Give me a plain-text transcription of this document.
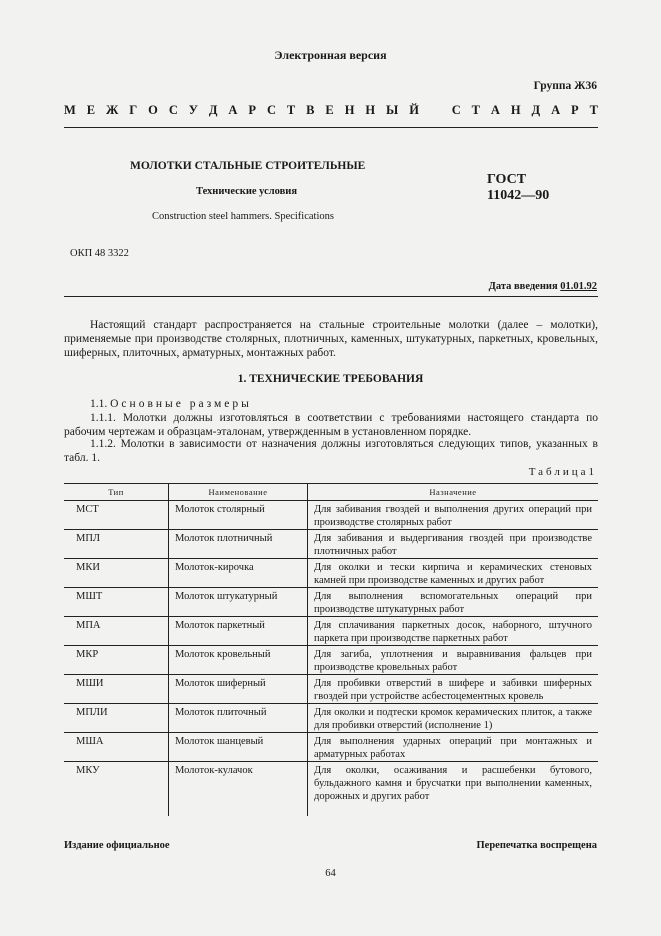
Электронная версия
Группа Ж36
М Е Ж Г О С У Д А Р С Т В Е Н Н Ы Й	С Т А Н Д А Р Т
МОЛОТКИ СТАЛЬНЫЕ СТРОИТЕЛЬНЫЕ
Технические условия
Construction steel hammers. Specifications
ГОСТ
11042—90
ОКП 48 3322
Дата введения 01.01.92
Настоящий стандарт распространяется на стальные строительные молотки (далее – молотки), применяемые при производстве столярных, плотничных, каменных, штукатурных, паркетных, кровельных, шиферных, плиточных, арматурных, монтажных работ.
1. ТЕХНИЧЕСКИЕ ТРЕБОВАНИЯ
1.1. Основные размеры
1.1.1. Молотки должны изготовляться в соответствии с требованиями настоящего стандарта по рабочим чертежам и образцам-эталонам, утвержденным в установленном порядке.
1.1.2. Молотки в зависимости от назначения должны изготовляться следующих типов, указанных в табл. 1.
Таблица1
Тип	Наименование	Назначение
МСТ	Молоток столярный	Для забивания гвоздей и выполнения других операций при производстве столярных работ
МПЛ	Молоток плотничный	Для забивания и выдергивания гвоздей при производстве плотничных работ
МКИ	Молоток-кирочка	Для околки и тески кирпича и керамических стеновых камней при производстве каменных и других работ
МШТ	Молоток штукатурный	Для выполнения вспомогательных операций при производстве штукатурных работ
МПА	Молоток паркетный	Для сплачивания паркетных досок, наборного, штучного паркета при производстве паркетных работ
МКР	Молоток кровельный	Для загиба, уплотнения и выравнивания фальцев при производстве кровельных работ
МШИ	Молоток шиферный	Для пробивки отверстий в шифере и забивки шиферных гвоздей при устройстве асбестоцементных кровель
МПЛИ	Молоток плиточный	Для околки и подтески кромок керамических плиток, а также для пробивки отверстий (исполнение 1)
МША	Молоток шанцевый	Для выполнения ударных операций при монтажных и арматурных работах
МКУ	Молоток-кулачок	Для околки, осаживания и расшебенки бутового, бульдажного камня и брусчатки при выполнении каменных, дорожных и других работ
Издание официальное	Перепечатка воспрещена
64
